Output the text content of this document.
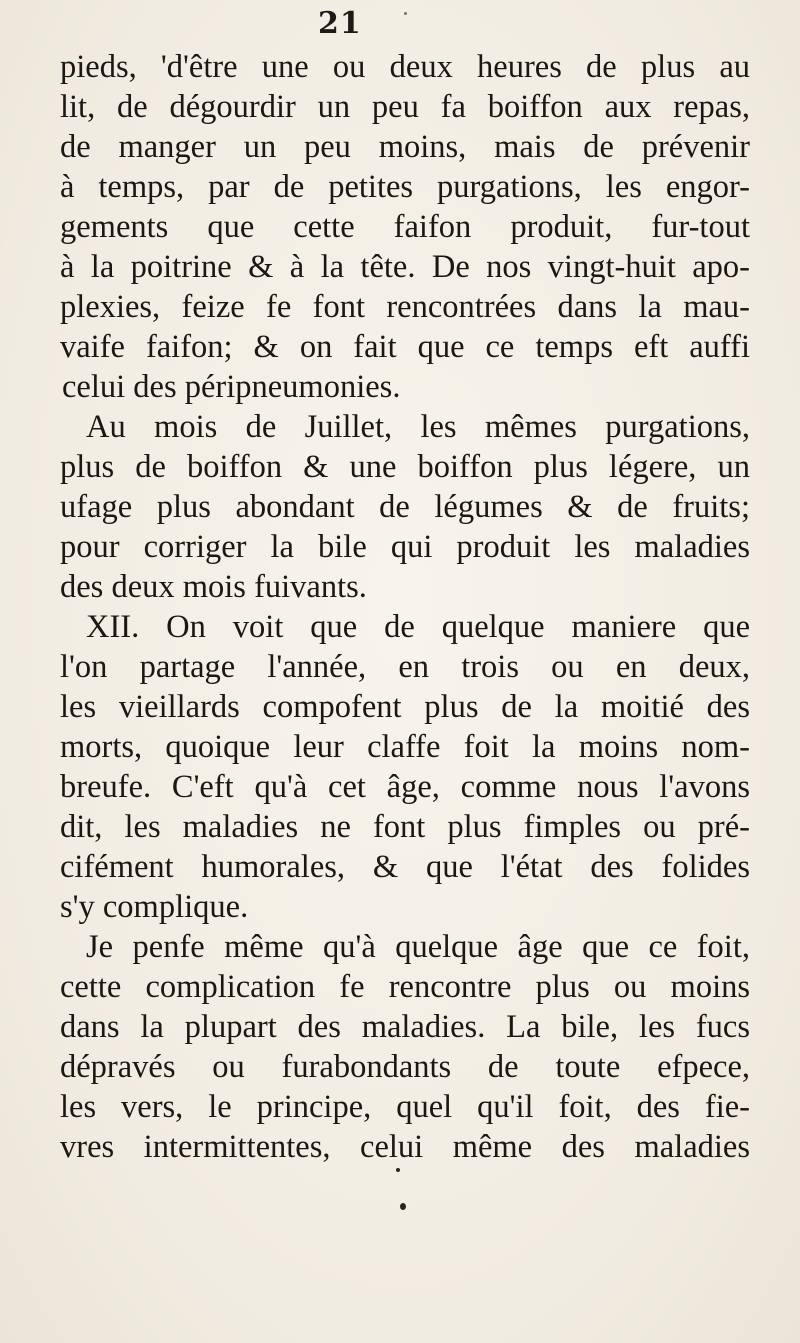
21
pieds, 'd'être une ou deux heures de plus au
lit, de dégourdir un peu fa boiffon aux repas,
de manger un peu moins, mais de prévenir
à temps, par de petites purgations, les engor-
gements que cette faifon produit, fur-tout
à la poitrine & à la tête. De nos vingt-huit apo-
plexies, feize fe font rencontrées dans la mau-
vaife faifon; & on fait que ce temps eft auffi
celui des péripneumonies.
Au mois de Juillet, les mêmes purgations,
plus de boiffon & une boiffon plus légere, un
ufage plus abondant de légumes & de fruits;
pour corriger la bile qui produit les maladies
des deux mois fuivants.
XII. On voit que de quelque maniere que
l'on partage l'année, en trois ou en deux,
les vieillards compofent plus de la moitié des
morts, quoique leur claffe foit la moins nom-
breufe. C'eft qu'à cet âge, comme nous l'avons
dit, les maladies ne font plus fimples ou pré-
cifément humorales, & que l'état des folides
s'y complique.
Je penfe même qu'à quelque âge que ce foit,
cette complication fe rencontre plus ou moins
dans la plupart des maladies. La bile, les fucs
dépravés ou furabondants de toute efpece,
les vers, le principe, quel qu'il foit, des fie-
vres intermittentes, celui même des maladies
